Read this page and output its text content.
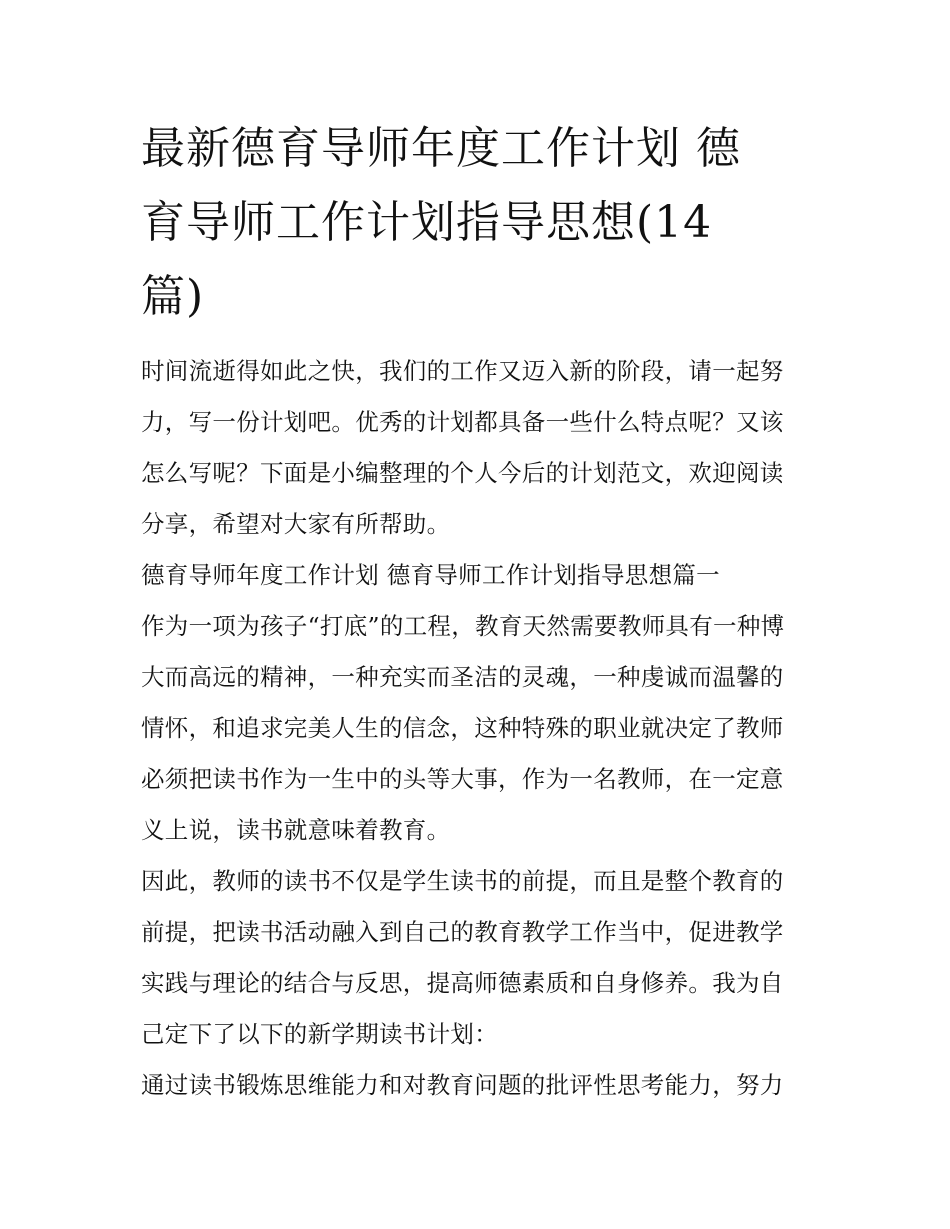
最新德育导师年度工作计划 德
育导师工作计划指导思想(14
篇)
时间流逝得如此之快，我们的工作又迈入新的阶段，请一起努
力，写一份计划吧。优秀的计划都具备一些什么特点呢？又该
怎么写呢？下面是小编整理的个人今后的计划范文，欢迎阅读
分享，希望对大家有所帮助。
德育导师年度工作计划 德育导师工作计划指导思想篇一
作为一项为孩子“打底”的工程，教育天然需要教师具有一种博
大而高远的精神，一种充实而圣洁的灵魂，一种虔诚而温馨的
情怀，和追求完美人生的信念，这种特殊的职业就决定了教师
必须把读书作为一生中的头等大事，作为一名教师，在一定意
义上说，读书就意味着教育。
因此，教师的读书不仅是学生读书的前提，而且是整个教育的
前提，把读书活动融入到自己的教育教学工作当中，促进教学
实践与理论的结合与反思，提高师德素质和自身修养。我为自
己定下了以下的新学期读书计划：
通过读书锻炼思维能力和对教育问题的批评性思考能力，努力
